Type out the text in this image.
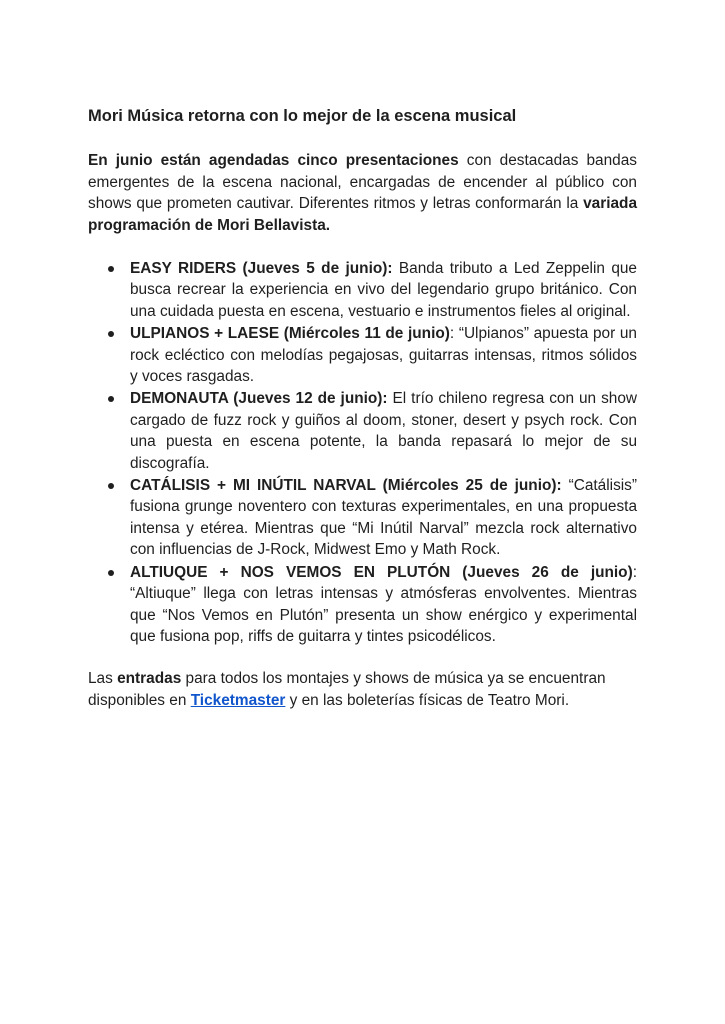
Mori Música retorna con lo mejor de la escena musical

En junio están agendadas cinco presentaciones con destacadas bandas emergentes de la escena nacional, encargadas de encender al público con shows que prometen cautivar. Diferentes ritmos y letras conformarán la variada programación de Mori Bellavista.

EASY RIDERS (Jueves 5 de junio): Banda tributo a Led Zeppelin que busca recrear la experiencia en vivo del legendario grupo británico. Con una cuidada puesta en escena, vestuario e instrumentos fieles al original.
ULPIANOS + LAESE (Miércoles 11 de junio): “Ulpianos” apuesta por un rock ecléctico con melodías pegajosas, guitarras intensas, ritmos sólidos y voces rasgadas.
DEMONAUTA (Jueves 12 de junio): El trío chileno regresa con un show cargado de fuzz rock y guiños al doom, stoner, desert y psych rock. Con una puesta en escena potente, la banda repasará lo mejor de su discografía.
CATÁLISIS + MI INÚTIL NARVAL (Miércoles 25 de junio): “Catálisis” fusiona grunge noventero con texturas experimentales, en una propuesta intensa y etérea. Mientras que “Mi Inútil Narval” mezcla rock alternativo con influencias de J-Rock, Midwest Emo y Math Rock.
ALTIUQUE + NOS VEMOS EN PLUTÓN (Jueves 26 de junio): “Altiuque” llega con letras intensas y atmósferas envolventes. Mientras que “Nos Vemos en Plutón” presenta un show enérgico y experimental que fusiona pop, riffs de guitarra y tintes psicodélicos.

Las entradas para todos los montajes y shows de música ya se encuentran disponibles en Ticketmaster y en las boleterías físicas de Teatro Mori.
